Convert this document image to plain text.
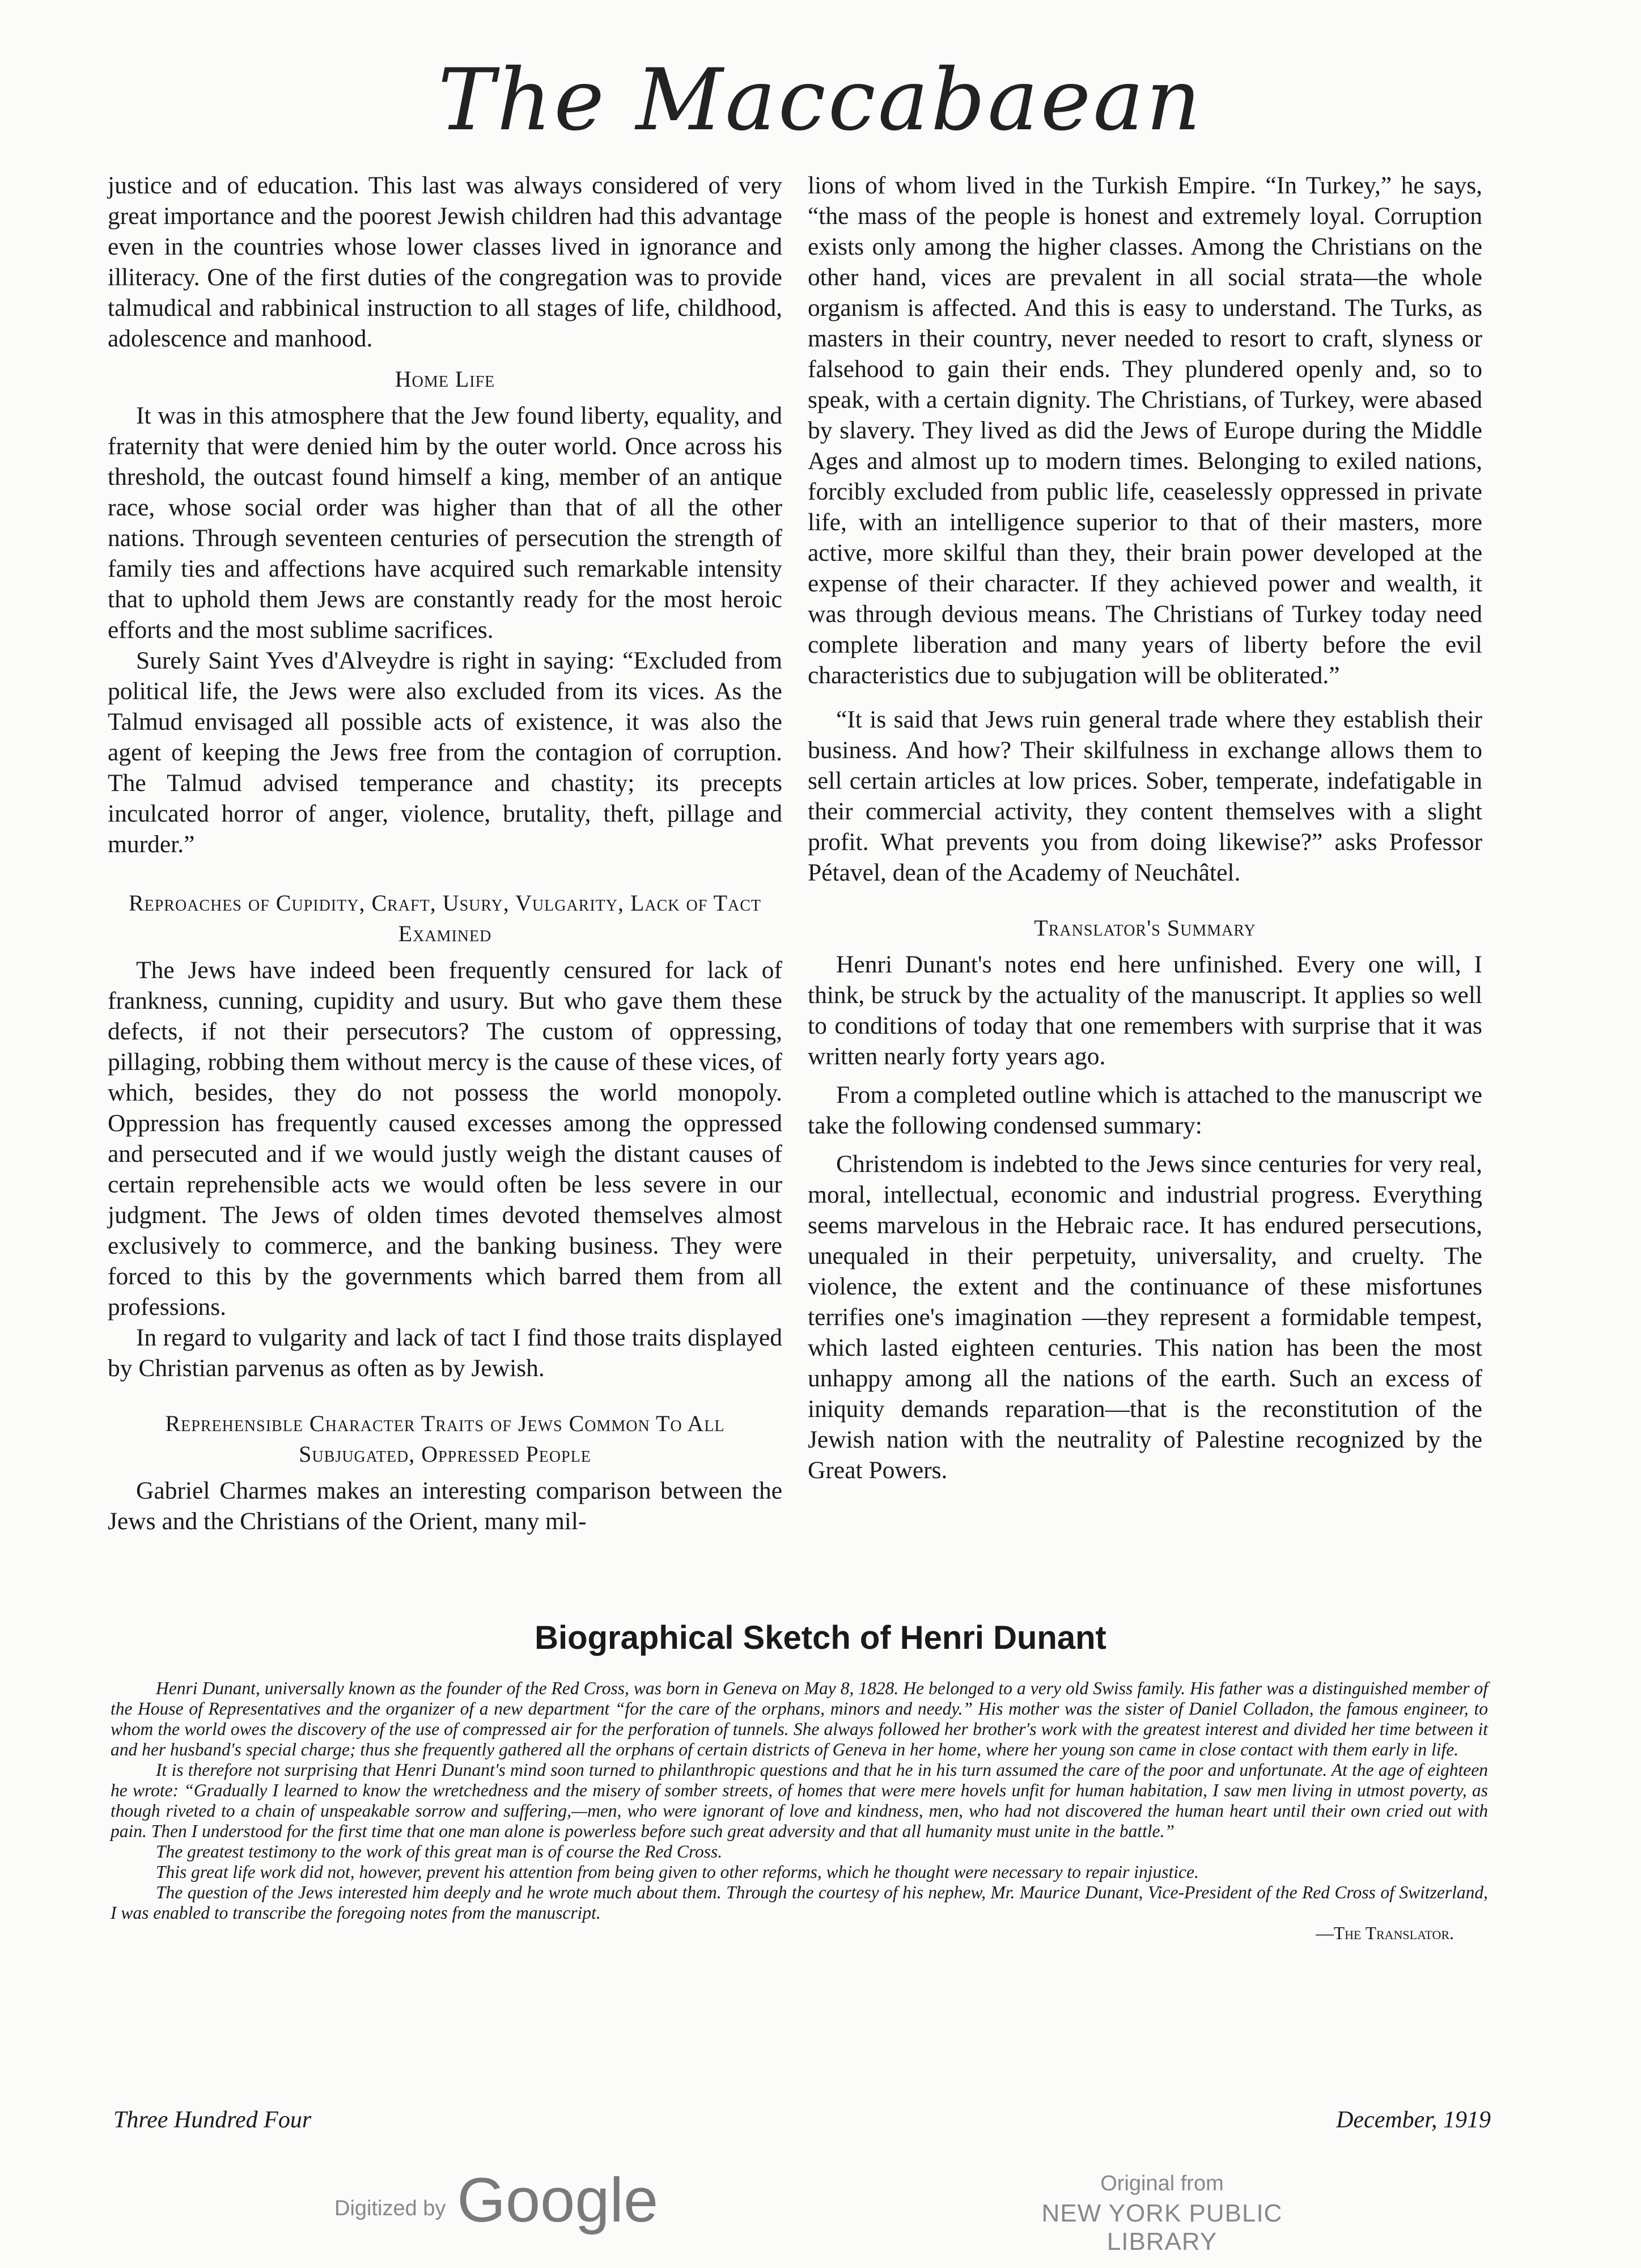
The Maccabaean

justice and of education. This last was always considered of very great importance and the poorest Jewish children had this advantage even in the countries whose lower classes lived in ignorance and illiteracy. One of the first duties of the congregation was to provide talmudical and rabbinical instruction to all stages of life, childhood, adolescence and manhood.

Home Life

It was in this atmosphere that the Jew found liberty, equality, and fraternity that were denied him by the outer world. Once across his threshold, the outcast found himself a king, member of an antique race, whose social order was higher than that of all the other nations. Through seventeen centuries of persecution the strength of family ties and affections have acquired such remarkable intensity that to uphold them Jews are constantly ready for the most heroic efforts and the most sublime sacrifices.

Surely Saint Yves d'Alveydre is right in saying: “Excluded from political life, the Jews were also excluded from its vices. As the Talmud envisaged all possible acts of existence, it was also the agent of keeping the Jews free from the contagion of corruption. The Talmud advised temperance and chastity; its precepts inculcated horror of anger, violence, brutality, theft, pillage and murder.”

Reproaches of Cupidity, Craft, Usury, Vulgarity, Lack of Tact Examined

The Jews have indeed been frequently censured for lack of frankness, cunning, cupidity and usury. But who gave them these defects, if not their persecutors? The custom of oppressing, pillaging, robbing them without mercy is the cause of these vices, of which, besides, they do not possess the world monopoly. Oppression has frequently caused excesses among the oppressed and persecuted and if we would justly weigh the distant causes of certain reprehensible acts we would often be less severe in our judgment. The Jews of olden times devoted themselves almost exclusively to commerce, and the banking business. They were forced to this by the governments which barred them from all professions.

In regard to vulgarity and lack of tact I find those traits displayed by Christian parvenus as often as by Jewish.

Reprehensible Character Traits of Jews Common To All Subjugated, Oppressed People

Gabriel Charmes makes an interesting comparison between the Jews and the Christians of the Orient, many mil-

lions of whom lived in the Turkish Empire. “In Turkey,” he says, “the mass of the people is honest and extremely loyal. Corruption exists only among the higher classes. Among the Christians on the other hand, vices are prevalent in all social strata—the whole organism is affected. And this is easy to understand. The Turks, as masters in their country, never needed to resort to craft, slyness or falsehood to gain their ends. They plundered openly and, so to speak, with a certain dignity. The Christians, of Turkey, were abased by slavery. They lived as did the Jews of Europe during the Middle Ages and almost up to modern times. Belonging to exiled nations, forcibly excluded from public life, ceaselessly oppressed in private life, with an intelligence superior to that of their masters, more active, more skilful than they, their brain power developed at the expense of their character. If they achieved power and wealth, it was through devious means. The Christians of Turkey today need complete liberation and many years of liberty before the evil characteristics due to subjugation will be obliterated.”

“It is said that Jews ruin general trade where they establish their business. And how? Their skilfulness in exchange allows them to sell certain articles at low prices. Sober, temperate, indefatigable in their commercial activity, they content themselves with a slight profit. What prevents you from doing likewise?” asks Professor Pétavel, dean of the Academy of Neuchâtel.

Translator's Summary

Henri Dunant's notes end here unfinished. Every one will, I think, be struck by the actuality of the manuscript. It applies so well to conditions of today that one remembers with surprise that it was written nearly forty years ago.

From a completed outline which is attached to the manuscript we take the following condensed summary:

Christendom is indebted to the Jews since centuries for very real, moral, intellectual, economic and industrial progress. Everything seems marvelous in the Hebraic race. It has endured persecutions, unequaled in their perpetuity, universality, and cruelty. The violence, the extent and the continuance of these misfortunes terrifies one's imagination —they represent a formidable tempest, which lasted eighteen centuries. This nation has been the most unhappy among all the nations of the earth. Such an excess of iniquity demands reparation—that is the reconstitution of the Jewish nation with the neutrality of Palestine recognized by the Great Powers.

Biographical Sketch of Henri Dunant

Henri Dunant, universally known as the founder of the Red Cross, was born in Geneva on May 8, 1828. He belonged to a very old Swiss family. His father was a distinguished member of the House of Representatives and the organizer of a new department “for the care of the orphans, minors and needy.” His mother was the sister of Daniel Colladon, the famous engineer, to whom the world owes the discovery of the use of compressed air for the perforation of tunnels. She always followed her brother's work with the greatest interest and divided her time between it and her husband's special charge; thus she frequently gathered all the orphans of certain districts of Geneva in her home, where her young son came in close contact with them early in life.

It is therefore not surprising that Henri Dunant's mind soon turned to philanthropic questions and that he in his turn assumed the care of the poor and unfortunate. At the age of eighteen he wrote: “Gradually I learned to know the wretchedness and the misery of somber streets, of homes that were mere hovels unfit for human habitation, I saw men living in utmost poverty, as though riveted to a chain of unspeakable sorrow and suffering,—men, who were ignorant of love and kindness, men, who had not discovered the human heart until their own cried out with pain. Then I understood for the first time that one man alone is powerless before such great adversity and that all humanity must unite in the battle.”

The greatest testimony to the work of this great man is of course the Red Cross.

This great life work did not, however, prevent his attention from being given to other reforms, which he thought were necessary to repair injustice.

The question of the Jews interested him deeply and he wrote much about them. Through the courtesy of his nephew, Mr. Maurice Dunant, Vice-President of the Red Cross of Switzerland, I was enabled to transcribe the foregoing notes from the manuscript.

—The Translator.

Three Hundred Four	December, 1919
Digitized by Google	Original from
NEW YORK PUBLIC LIBRARY
